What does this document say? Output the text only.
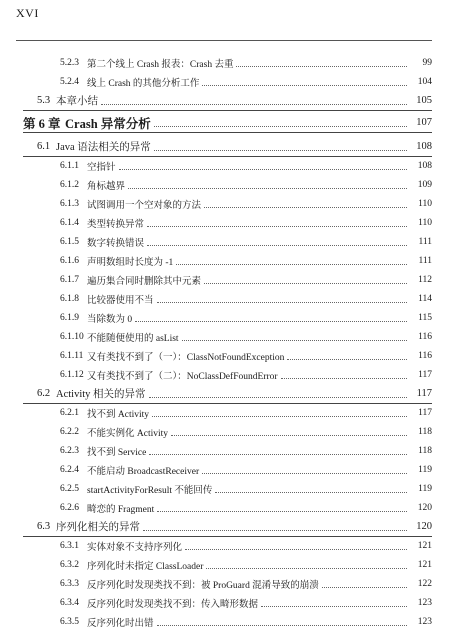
XVI
5.2.3 第二个线上 Crash 报表：Crash 去重	99
5.2.4 线上 Crash 的其他分析工作	104
5.3 本章小结	105
第 6 章 Crash 异常分析	107
6.1 Java 语法相关的异常	108
6.1.1 空指针	108
6.1.2 角标越界	109
6.1.3 试图调用一个空对象的方法	110
6.1.4 类型转换异常	110
6.1.5 数字转换错误	111
6.1.6 声明数组时长度为 -1	111
6.1.7 遍历集合同时删除其中元素	112
6.1.8 比较器使用不当	114
6.1.9 当除数为 0	115
6.1.10 不能随便使用的 asList	116
6.1.11 又有类找不到了（一）：ClassNotFoundException	116
6.1.12 又有类找不到了（二）：NoClassDefFoundError	117
6.2 Activity 相关的异常	117
6.2.1 找不到 Activity	117
6.2.2 不能实例化 Activity	118
6.2.3 找不到 Service	118
6.2.4 不能启动 BroadcastReceiver	119
6.2.5 startActivityForResult 不能回传	119
6.2.6 畸恋的 Fragment	120
6.3 序列化相关的异常	120
6.3.1 实体对象不支持序列化	121
6.3.2 序列化时未指定 ClassLoader	121
6.3.3 反序列化时发现类找不到：被 ProGuard 混淆导致的崩溃	122
6.3.4 反序列化时发现类找不到：传入畸形数据	123
6.3.5 反序列化时出错	123
